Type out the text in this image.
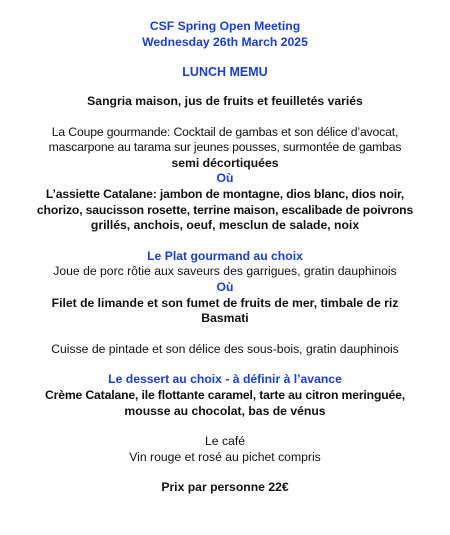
CSF Spring Open Meeting
Wednesday 26th March 2025
LUNCH MEMU
Sangria maison, jus de fruits et feuilletés variés
La Coupe gourmande: Cocktail de gambas et son délice d’avocat,
mascarpone au tarama sur jeunes pousses, surmontée de gambas
semi décortiquées
Où
L’assiette Catalane: jambon de montagne, dios blanc, dios noir,
chorizo, saucisson rosette, terrine maison, escalibade de poivrons
grillés, anchois, oeuf, mesclun de salade, noix
Le Plat gourmand au choix
Joue de porc rôtie aux saveurs des garrigues, gratin dauphinois
Où
Filet de limande et son fumet de fruits de mer, timbale de riz
Basmati
Cuisse de pintade et son délice des sous-bois, gratin dauphinois
Le dessert au choix - à définir à l’avance
Crème Catalane, ile flottante caramel, tarte au citron meringuée,
mousse au chocolat, bas de vénus
Le café
Vin rouge et rosé au pichet compris
Prix par personne 22€
